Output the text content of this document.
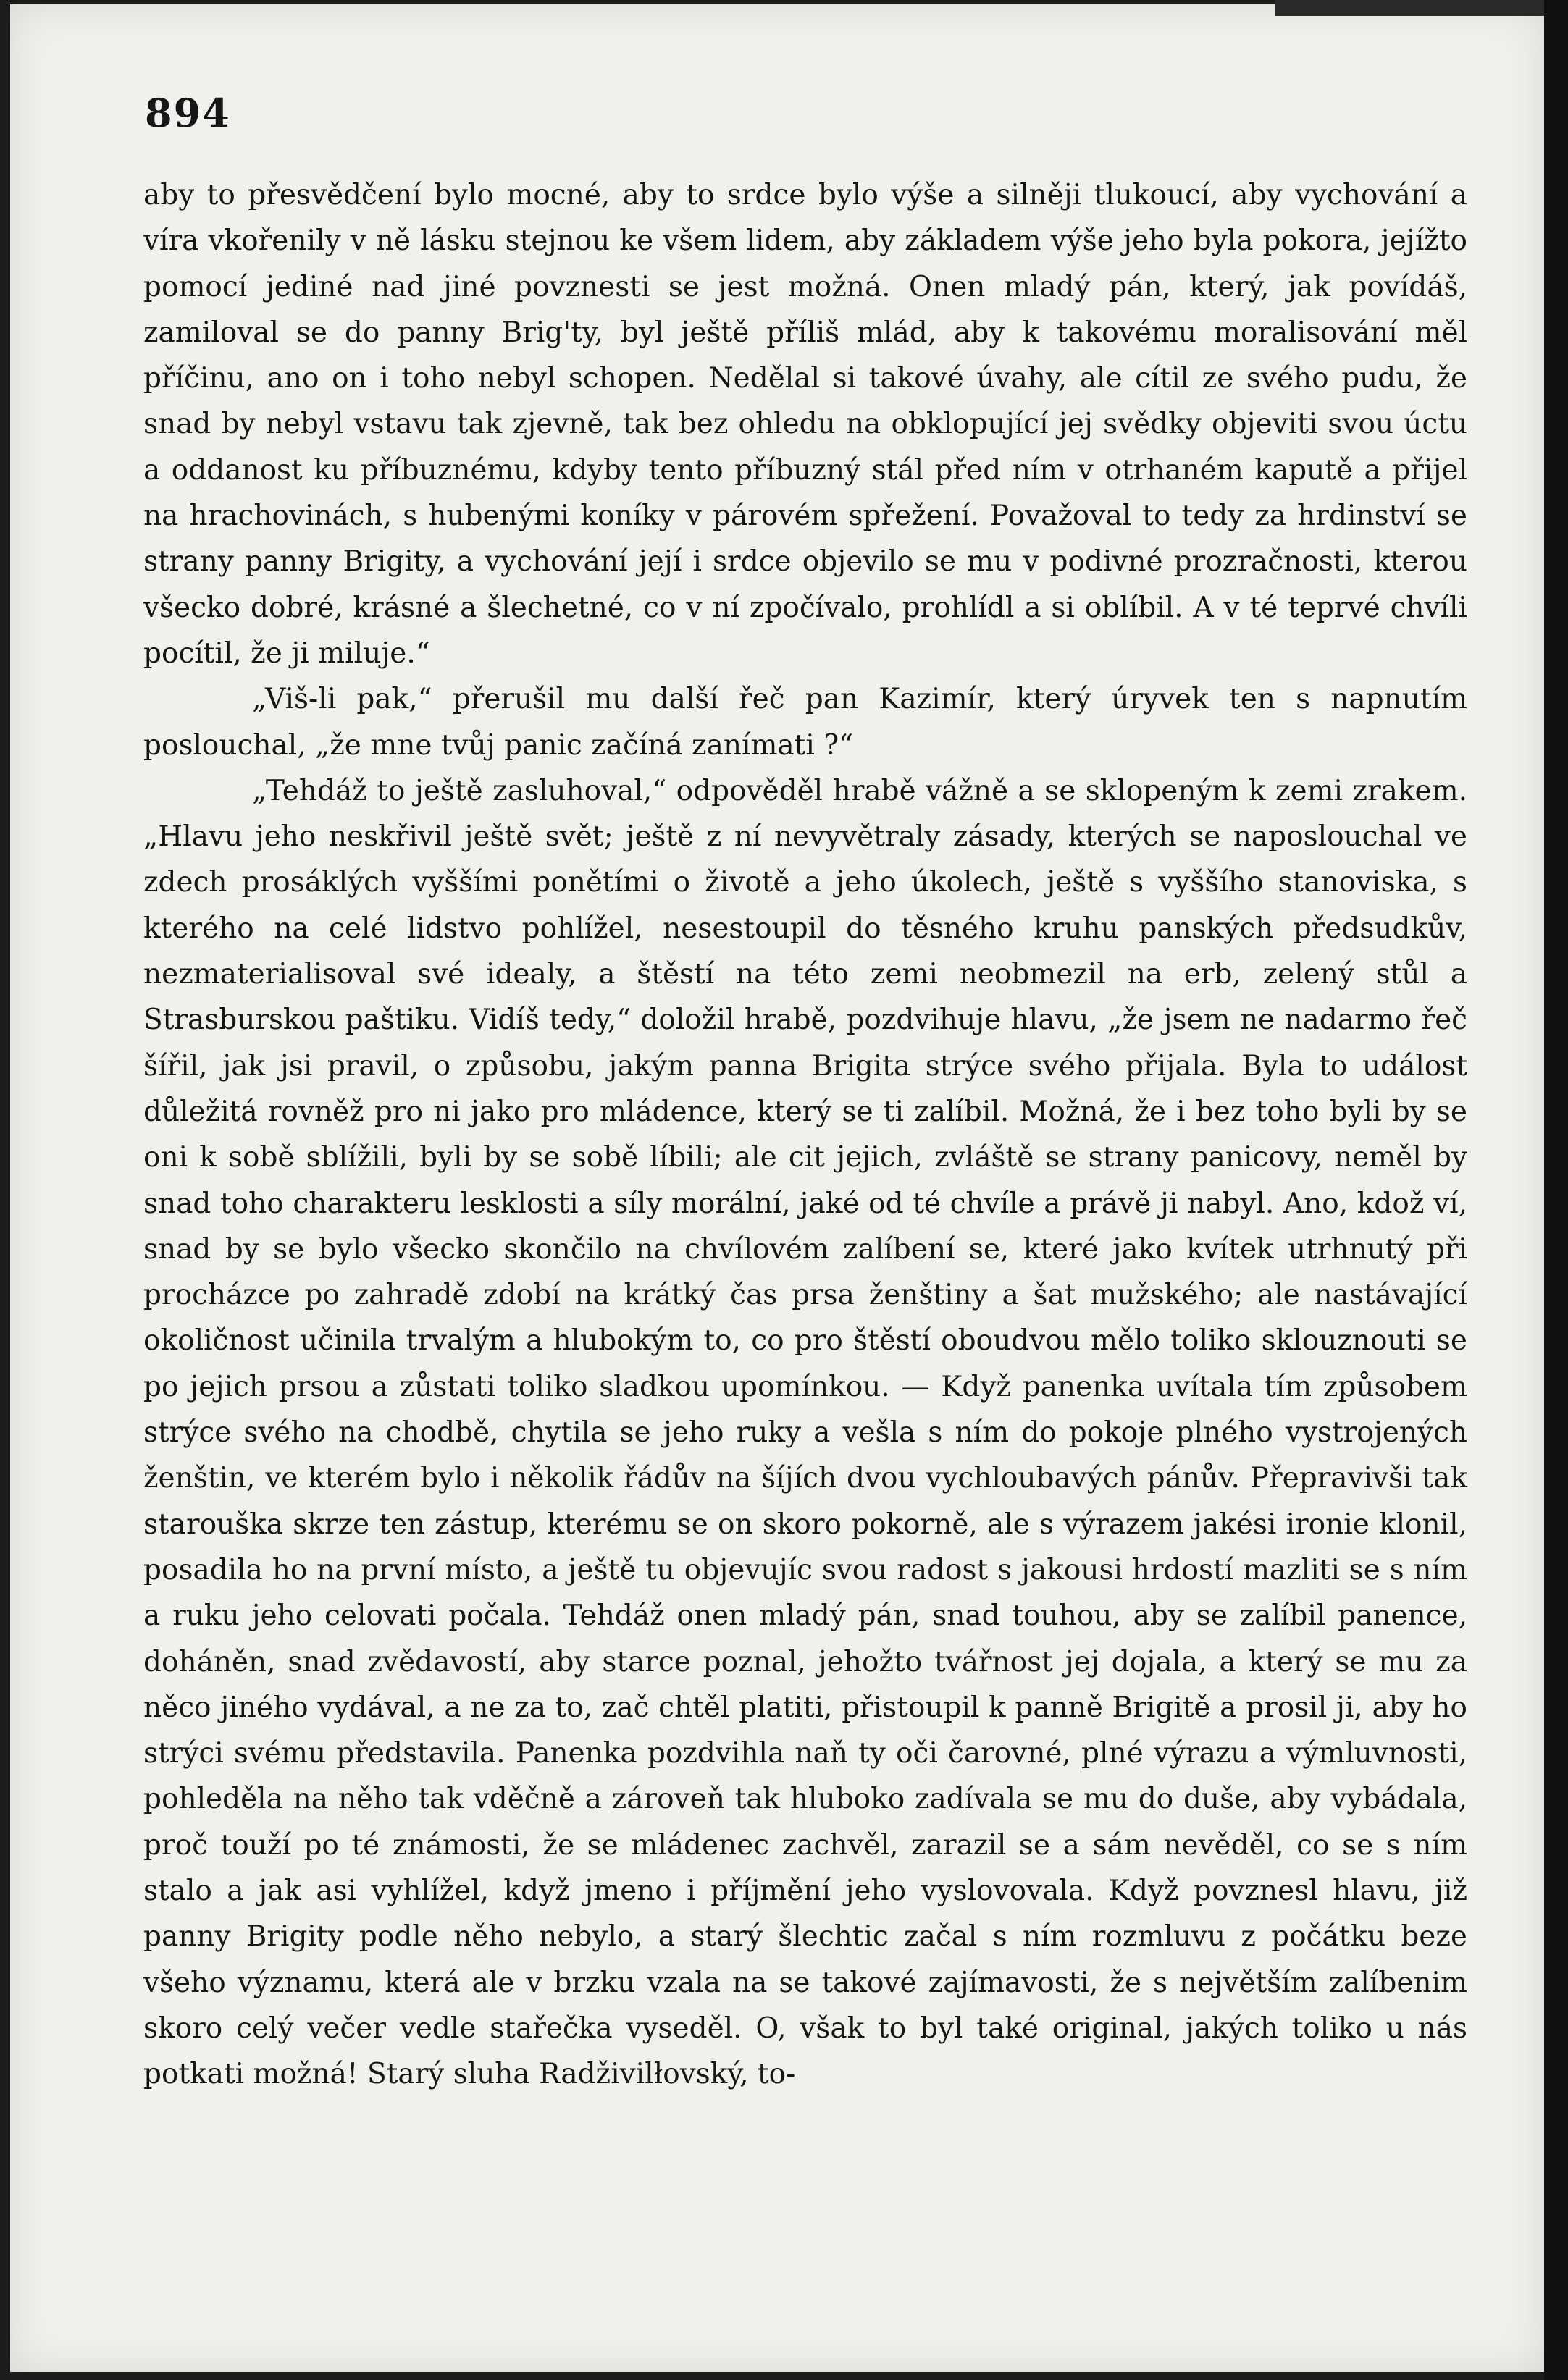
894

aby to přesvědčení bylo mocné, aby to srdce bylo výše a silněji tlukoucí, aby vychování a víra vkořenily v ně lásku stejnou ke všem lidem, aby základem výše jeho byla pokora, jejížto pomocí jediné nad jiné povznesti se jest možná. Onen mladý pán, který, jak povídáš, zamiloval se do panny Brig'ty, byl ještě příliš mlád, aby k takovému moralisování měl příčinu, ano on i toho nebyl schopen. Nedělal si takové úvahy, ale cítil ze svého pudu, že snad by nebyl vstavu tak zjevně, tak bez ohledu na obklopující jej svědky objeviti svou úctu a oddanost ku příbuznému, kdyby tento příbuzný stál před ním v otrhaném kaputě a přijel na hrachovinách, s hubenými koníky v párovém spřežení. Považoval to tedy za hrdinství se strany panny Brigity, a vychování její i srdce objevilo se mu v podivné prozračnosti, kterou všecko dobré, krásné a šlechetné, co v ní zpočívalo, prohlídl a si oblíbil. A v té teprvé chvíli pocítil, že ji miluje.“

„Viš-li pak,“ přerušil mu další řeč pan Kazimír, který úryvek ten s napnutím poslouchal, „že mne tvůj panic začíná zanímati ?“

„Tehdáž to ještě zasluhoval,“ odpověděl hrabě vážně a se sklopeným k zemi zrakem. „Hlavu jeho neskřivil ještě svět; ještě z ní nevyvětraly zásady, kterých se naposlouchal ve zdech prosáklých vyššími ponětími o životě a jeho úkolech, ještě s vyššího stanoviska, s kterého na celé lidstvo pohlížel, nesestoupil do těsného kruhu panských předsudkův, nezmaterialisoval své idealy, a štěstí na této zemi neobmezil na erb, zelený stůl a Strasburskou paštiku. Vidíš tedy,“ doložil hrabě, pozdvihuje hlavu, „že jsem ne nadarmo řeč šířil, jak jsi pravil, o způsobu, jakým panna Brigita strýce svého přijala. Byla to událost důležitá rovněž pro ni jako pro mládence, který se ti zalíbil. Možná, že i bez toho byli by se oni k sobě sblížili, byli by se sobě líbili; ale cit jejich, zvláště se strany panicovy, neměl by snad toho charakteru lesklosti a síly morální, jaké od té chvíle a právě ji nabyl. Ano, kdož ví, snad by se bylo všecko skončilo na chvílovém zalíbení se, které jako kvítek utrhnutý při procházce po zahradě zdobí na krátký čas prsa ženštiny a šat mužského; ale nastávající okoličnost učinila trvalým a hlubokým to, co pro štěstí oboudvou mělo toliko sklouznouti se po jejich prsou a zůstati toliko sladkou upomínkou. — Když panenka uvítala tím způsobem strýce svého na chodbě, chytila se jeho ruky a vešla s ním do pokoje plného vystrojených ženštin, ve kterém bylo i několik řádův na šíjích dvou vychloubavých pánův. Přepravivši tak starouška skrze ten zástup, kterému se on skoro pokorně, ale s výrazem jakési ironie klonil, posadila ho na první místo, a ještě tu objevujíc svou radost s jakousi hrdostí mazliti se s ním a ruku jeho celovati počala. Tehdáž onen mladý pán, snad touhou, aby se zalíbil panence, doháněn, snad zvědavostí, aby starce poznal, jehožto tvářnost jej dojala, a který se mu za něco jiného vydával, a ne za to, zač chtěl platiti, přistoupil k panně Brigitě a prosil ji, aby ho strýci svému představila. Panenka pozdvihla naň ty oči čarovné, plné výrazu a výmluvnosti, pohleděla na něho tak vděčně a zároveň tak hluboko zadívala se mu do duše, aby vybádala, proč touží po té známosti, že se mládenec zachvěl, zarazil se a sám nevěděl, co se s ním stalo a jak asi vyhlížel, když jmeno i příjmění jeho vyslovovala. Když povznesl hlavu, již panny Brigity podle něho nebylo, a starý šlechtic začal s ním rozmluvu z počátku beze všeho významu, která ale v brzku vzala na se takové zajímavosti, že s největším zalíbenim skoro celý večer vedle stařečka vyseděl. O, však to byl také original, jakých toliko u nás potkati možná! Starý sluha Radživilłovský, to-
